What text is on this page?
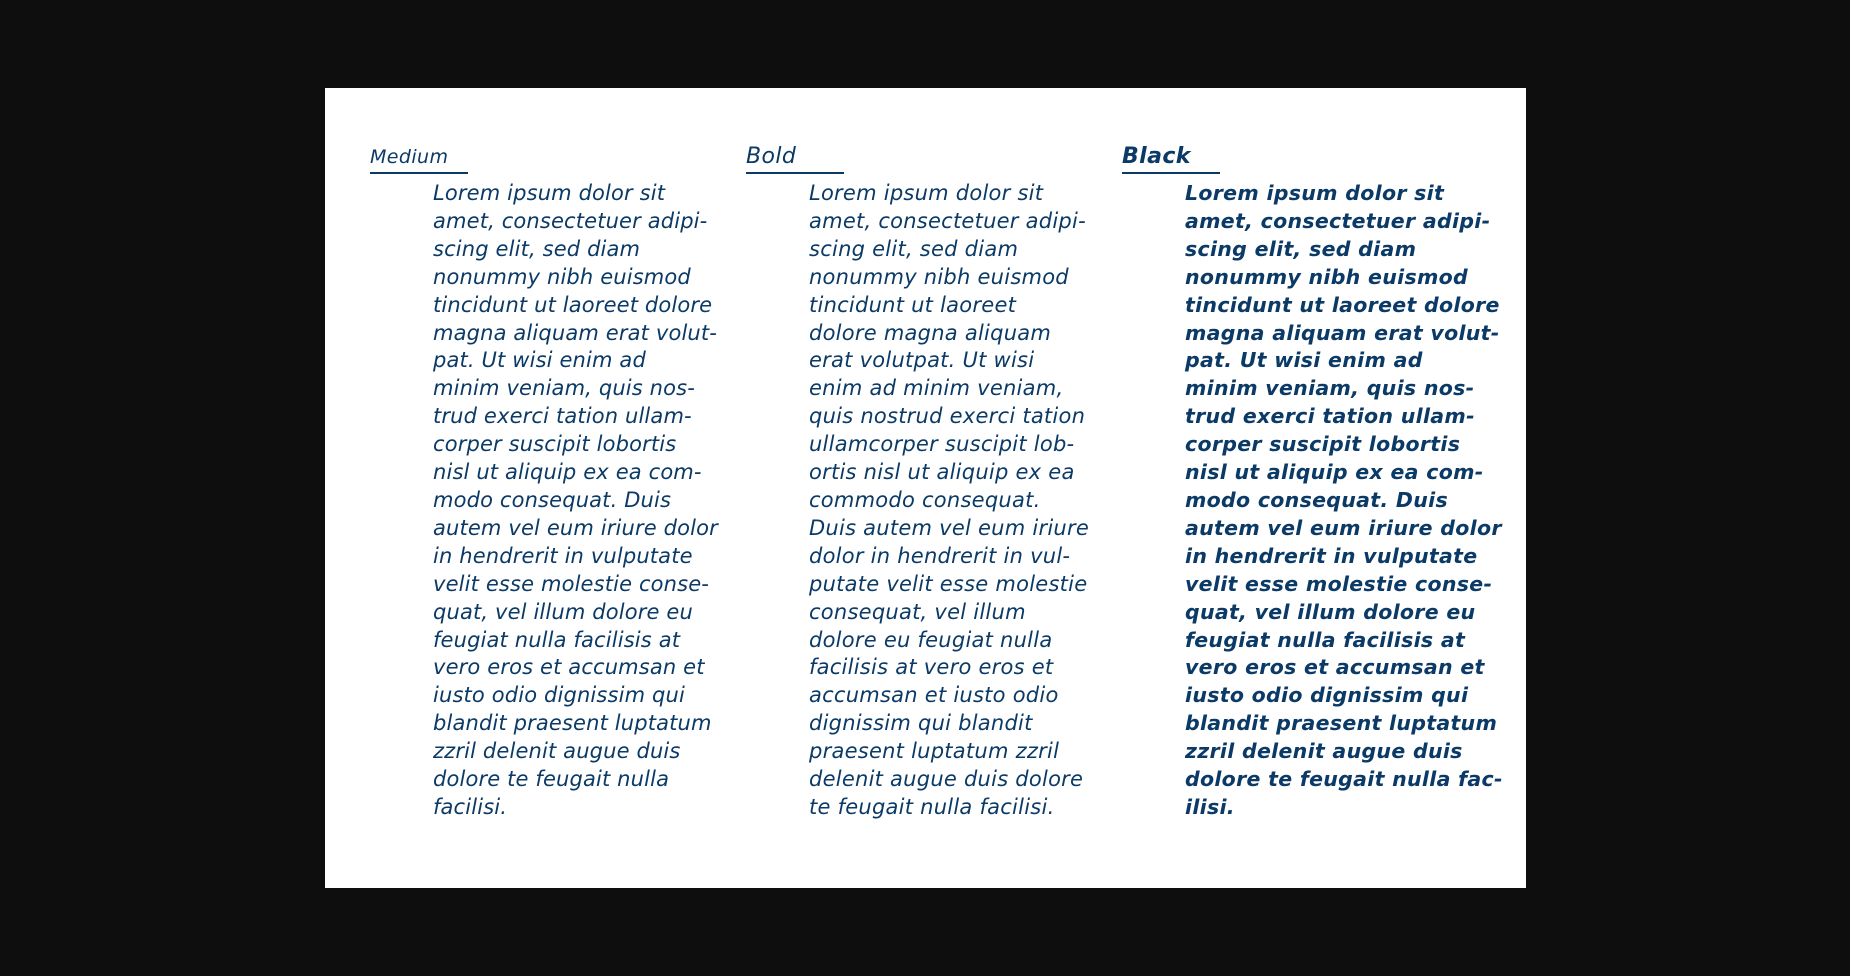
Medium

Lorem ipsum dolor sit
amet, consectetuer adipi-
scing elit, sed diam
nonummy nibh euismod
tincidunt ut laoreet dolore
magna aliquam erat volut-
pat. Ut wisi enim ad
minim veniam, quis nos-
trud exerci tation ullam-
corper suscipit lobortis
nisl ut aliquip ex ea com-
modo consequat. Duis
autem vel eum iriure dolor
in hendrerit in vulputate
velit esse molestie conse-
quat, vel illum dolore eu
feugiat nulla facilisis at
vero eros et accumsan et
iusto odio dignissim qui
blandit praesent luptatum
zzril delenit augue duis
dolore te feugait nulla
facilisi.

Bold

Lorem ipsum dolor sit
amet, consectetuer adipi-
scing elit, sed diam
nonummy nibh euismod
tincidunt ut laoreet
dolore magna aliquam
erat volutpat. Ut wisi
enim ad minim veniam,
quis nostrud exerci tation
ullamcorper suscipit lob-
ortis nisl ut aliquip ex ea
commodo consequat.
Duis autem vel eum iriure
dolor in hendrerit in vul-
putate velit esse molestie
consequat, vel illum
dolore eu feugiat nulla
facilisis at vero eros et
accumsan et iusto odio
dignissim qui blandit
praesent luptatum zzril
delenit augue duis dolore
te feugait nulla facilisi.

Black

Lorem ipsum dolor sit
amet, consectetuer adipi-
scing elit, sed diam
nonummy nibh euismod
tincidunt ut laoreet dolore
magna aliquam erat volut-
pat. Ut wisi enim ad
minim veniam, quis nos-
trud exerci tation ullam-
corper suscipit lobortis
nisl ut aliquip ex ea com-
modo consequat. Duis
autem vel eum iriure dolor
in hendrerit in vulputate
velit esse molestie conse-
quat, vel illum dolore eu
feugiat nulla facilisis at
vero eros et accumsan et
iusto odio dignissim qui
blandit praesent luptatum
zzril delenit augue duis
dolore te feugait nulla fac-
ilisi.
